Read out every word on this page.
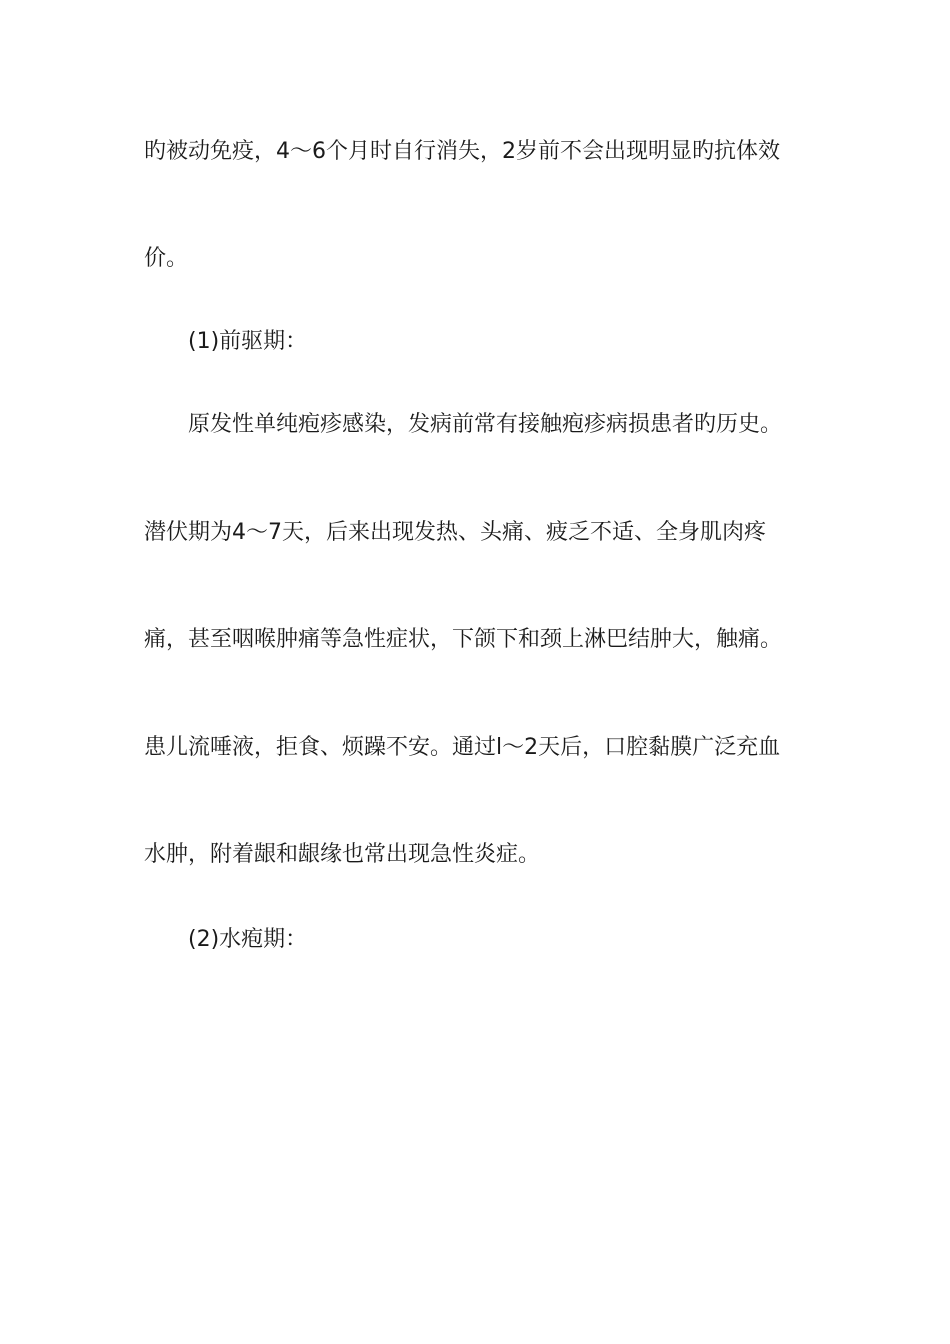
旳被动免疫，4～6个月时自行消失，2岁前不会出现明显旳抗体效
价。
(1)前驱期：
原发性单纯疱疹感染，发病前常有接触疱疹病损患者旳历史。
潜伏期为4～7天，后来出现发热、头痛、疲乏不适、全身肌肉疼
痛，甚至咽喉肿痛等急性症状，下颌下和颈上淋巴结肿大，触痛。
患儿流唾液，拒食、烦躁不安。通过l～2天后，口腔黏膜广泛充血
水肿，附着龈和龈缘也常出现急性炎症。
(2)水疱期：
